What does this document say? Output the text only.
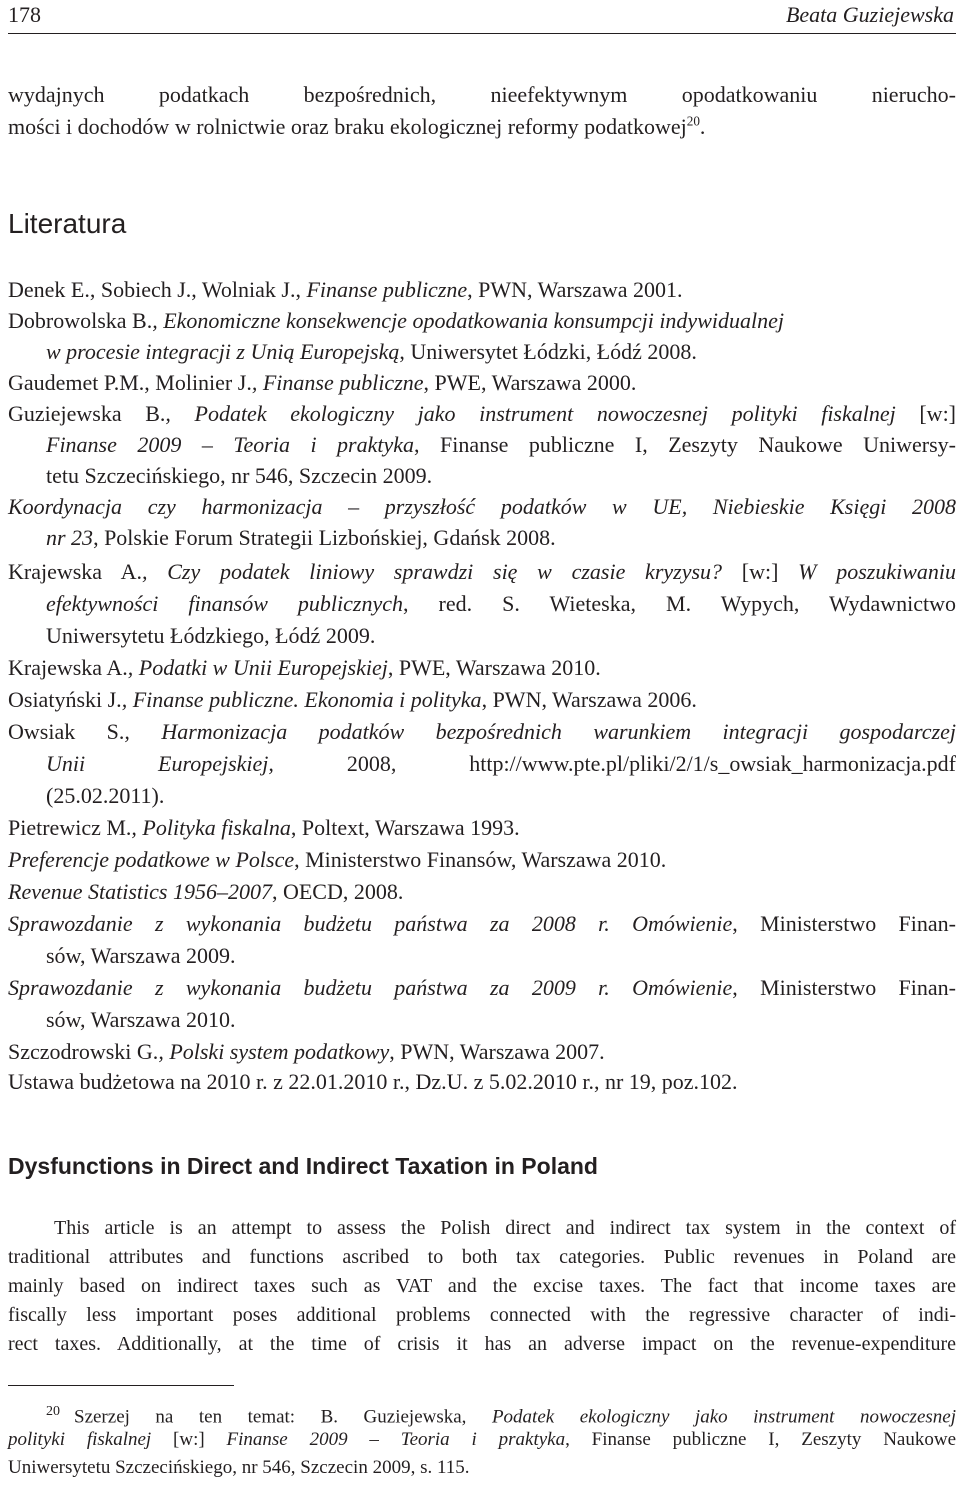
178	Beata Guziejewska
wydajnych podatkach bezpośrednich, nieefektywnym opodatkowaniu nierucho-
mości i dochodów w rolnictwie oraz braku ekologicznej reformy podatkowej$^{20}$.
Literatura
Denek E., Sobiech J., Wolniak J., Finanse publiczne, PWN, Warszawa 2001.
Dobrowolska B., Ekonomiczne konsekwencje opodatkowania konsumpcji indywidualnej
w procesie integracji z Unią Europejską, Uniwersytet Łódzki, Łódź 2008.
Gaudemet P.M., Molinier J., Finanse publiczne, PWE, Warszawa 2000.
Guziejewska B., Podatek ekologiczny jako instrument nowoczesnej polityki fiskalnej [w:]
Finanse 2009 – Teoria i praktyka, Finanse publiczne I, Zeszyty Naukowe Uniwersy-
tetu Szczecińskiego, nr 546, Szczecin 2009.
Koordynacja czy harmonizacja – przyszłość podatków w UE, Niebieskie Księgi 2008
nr 23, Polskie Forum Strategii Lizbońskiej, Gdańsk 2008.
Krajewska A., Czy podatek liniowy sprawdzi się w czasie kryzysu? [w:] W poszukiwaniu
efektywności finansów publicznych, red. S. Wieteska, M. Wypych, Wydawnictwo
Uniwersytetu Łódzkiego, Łódź 2009.
Krajewska A., Podatki w Unii Europejskiej, PWE, Warszawa 2010.
Osiatyński J., Finanse publiczne. Ekonomia i polityka, PWN, Warszawa 2006.
Owsiak S., Harmonizacja podatków bezpośrednich warunkiem integracji gospodarczej
Unii Europejskiej, 2008, http://www.pte.pl/pliki/2/1/s_owsiak_harmonizacja.pdf
(25.02.2011).
Pietrewicz M., Polityka fiskalna, Poltext, Warszawa 1993.
Preferencje podatkowe w Polsce, Ministerstwo Finansów, Warszawa 2010.
Revenue Statistics 1956–2007, OECD, 2008.
Sprawozdanie z wykonania budżetu państwa za 2008 r. Omówienie, Ministerstwo Finan-
sów, Warszawa 2009.
Sprawozdanie z wykonania budżetu państwa za 2009 r. Omówienie, Ministerstwo Finan-
sów, Warszawa 2010.
Szczodrowski G., Polski system podatkowy, PWN, Warszawa 2007.
Ustawa budżetowa na 2010 r. z 22.01.2010 r., Dz.U. z 5.02.2010 r., nr 19, poz.102.
Dysfunctions in Direct and Indirect Taxation in Poland
This article is an attempt to assess the Polish direct and indirect tax system in the context of
traditional attributes and functions ascribed to both tax categories. Public revenues in Poland are
mainly based on indirect taxes such as VAT and the excise taxes. The fact that income taxes are
fiscally less important poses additional problems connected with the regressive character of indi-
rect taxes. Additionally, at the time of crisis it has an adverse impact on the revenue-expenditure
$^{20}$ Szerzej na ten temat: B. Guziejewska, Podatek ekologiczny jako instrument nowoczesnej
polityki fiskalnej [w:] Finanse 2009 – Teoria i praktyka, Finanse publiczne I, Zeszyty Naukowe
Uniwersytetu Szczecińskiego, nr 546, Szczecin 2009, s. 115.
